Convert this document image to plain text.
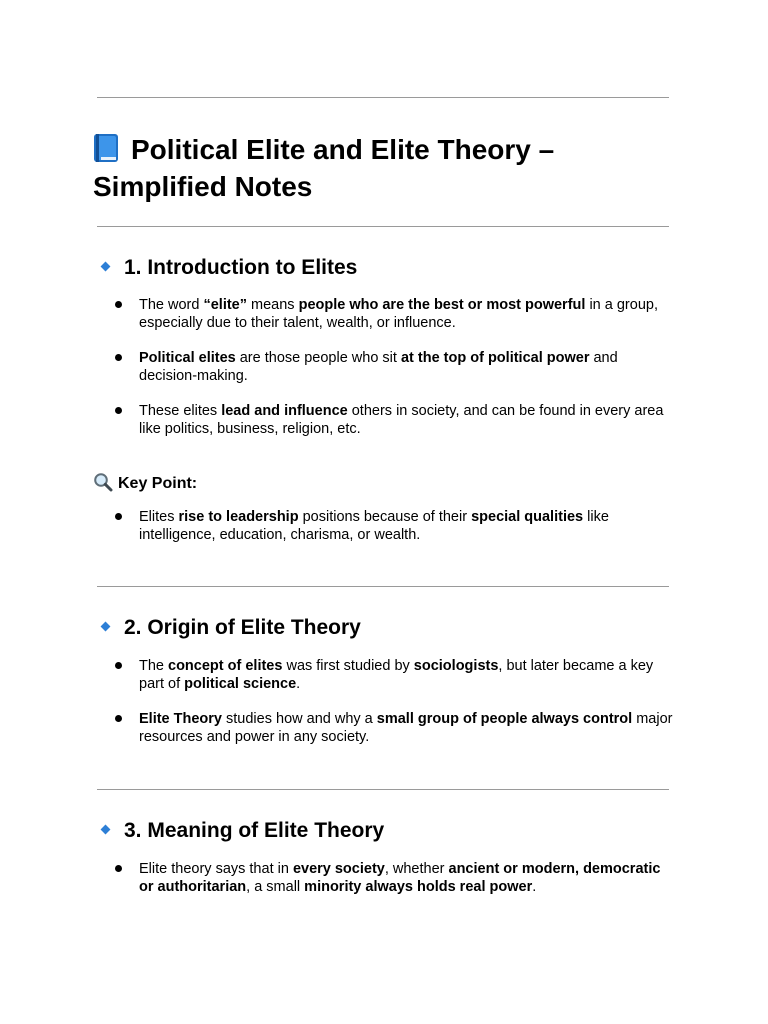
Political Elite and Elite Theory – Simplified Notes
1. Introduction to Elites
The word “elite” means people who are the best or most powerful in a group, especially due to their talent, wealth, or influence.
Political elites are those people who sit at the top of political power and decision-making.
These elites lead and influence others in society, and can be found in every area like politics, business, religion, etc.

Key Point:

Elites rise to leadership positions because of their special qualities like intelligence, education, charisma, or wealth.
2. Origin of Elite Theory
The concept of elites was first studied by sociologists, but later became a key part of political science.
Elite Theory studies how and why a small group of people always control major resources and power in any society.
3. Meaning of Elite Theory
Elite theory says that in every society, whether ancient or modern, democratic or authoritarian, a small minority always holds real power.
